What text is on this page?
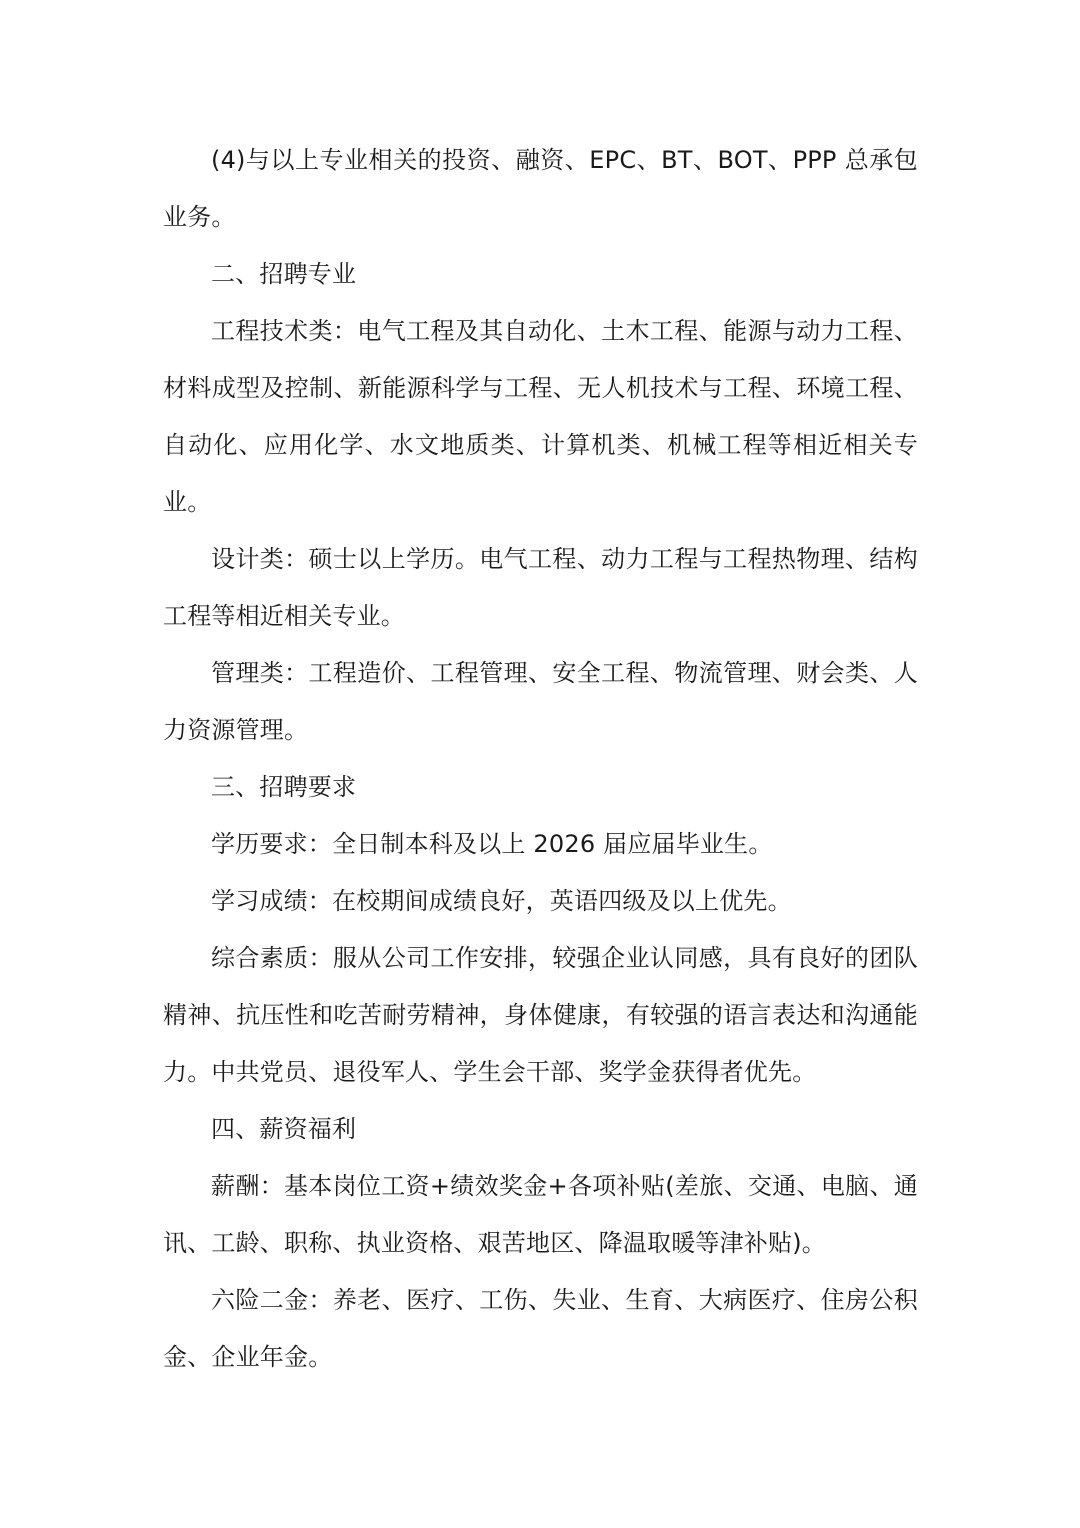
(4)与以上专业相关的投资、融资、EPC、BT、BOT、PPP 总承包业务。

二、招聘专业

工程技术类：电气工程及其自动化、土木工程、能源与动力工程、材料成型及控制、新能源科学与工程、无人机技术与工程、环境工程、自动化、应用化学、水文地质类、计算机类、机械工程等相近相关专业。

设计类：硕士以上学历。电气工程、动力工程与工程热物理、结构工程等相近相关专业。

管理类：工程造价、工程管理、安全工程、物流管理、财会类、人力资源管理。

三、招聘要求

学历要求：全日制本科及以上 2026 届应届毕业生。

学习成绩：在校期间成绩良好，英语四级及以上优先。

综合素质：服从公司工作安排，较强企业认同感，具有良好的团队精神、抗压性和吃苦耐劳精神，身体健康，有较强的语言表达和沟通能力。中共党员、退役军人、学生会干部、奖学金获得者优先。

四、薪资福利

薪酬：基本岗位工资+绩效奖金+各项补贴(差旅、交通、电脑、通讯、工龄、职称、执业资格、艰苦地区、降温取暖等津补贴)。

六险二金：养老、医疗、工伤、失业、生育、大病医疗、住房公积金、企业年金。
